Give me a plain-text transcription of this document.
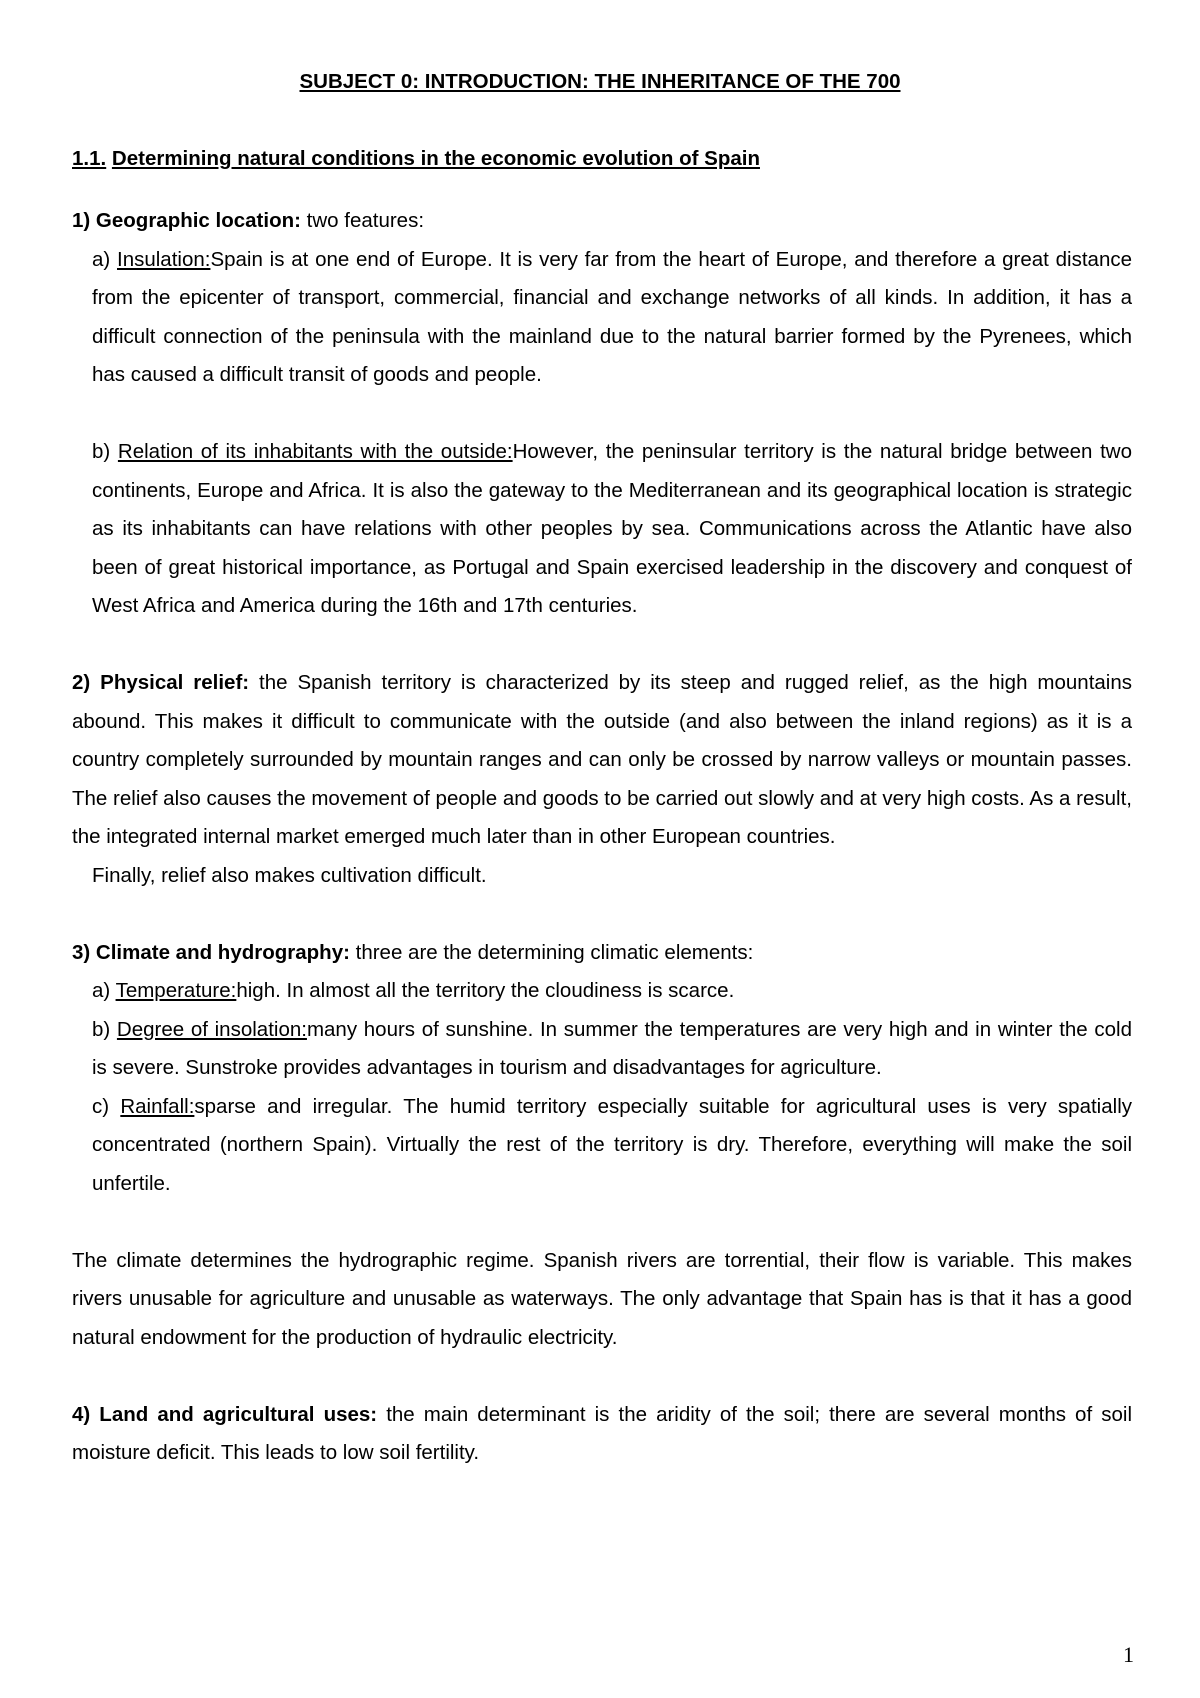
SUBJECT 0: INTRODUCTION: THE INHERITANCE OF THE 700
1.1. Determining natural conditions in the economic evolution of Spain

1) Geographic location: two features:

a) Insulation:Spain is at one end of Europe. It is very far from the heart of Europe, and therefore a great distance from the epicenter of transport, commercial, financial and exchange networks of all kinds. In addition, it has a difficult connection of the peninsula with the mainland due to the natural barrier formed by the Pyrenees, which has caused a difficult transit of goods and people.

b) Relation of its inhabitants with the outside:However, the peninsular territory is the natural bridge between two continents, Europe and Africa. It is also the gateway to the Mediterranean and its geographical location is strategic as its inhabitants can have relations with other peoples by sea. Communications across the Atlantic have also been of great historical importance, as Portugal and Spain exercised leadership in the discovery and conquest of West Africa and America during the 16th and 17th centuries.

2) Physical relief: the Spanish territory is characterized by its steep and rugged relief, as the high mountains abound. This makes it difficult to communicate with the outside (and also between the inland regions) as it is a country completely surrounded by mountain ranges and can only be crossed by narrow valleys or mountain passes. The relief also causes the movement of people and goods to be carried out slowly and at very high costs. As a result, the integrated internal market emerged much later than in other European countries.

Finally, relief also makes cultivation difficult.

3) Climate and hydrography: three are the determining climatic elements:

a) Temperature:high. In almost all the territory the cloudiness is scarce.

b) Degree of insolation:many hours of sunshine. In summer the temperatures are very high and in winter the cold is severe. Sunstroke provides advantages in tourism and disadvantages for agriculture.

c) Rainfall:sparse and irregular. The humid territory especially suitable for agricultural uses is very spatially concentrated (northern Spain). Virtually the rest of the territory is dry. Therefore, everything will make the soil unfertile.

The climate determines the hydrographic regime. Spanish rivers are torrential, their flow is variable. This makes rivers unusable for agriculture and unusable as waterways. The only advantage that Spain has is that it has a good natural endowment for the production of hydraulic electricity.

4) Land and agricultural uses: the main determinant is the aridity of the soil; there are several months of soil moisture deficit. This leads to low soil fertility.

1
